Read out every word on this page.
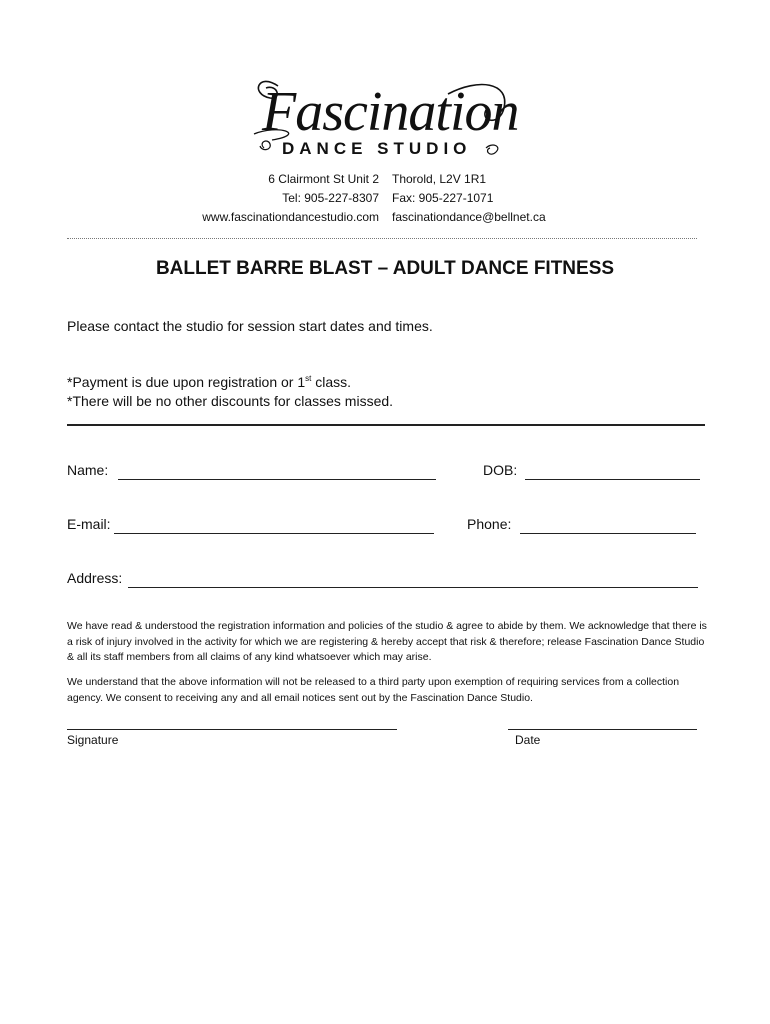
Fascination
DANCE STUDIO
6 Clairmont St Unit 2
Tel: 905-227-8307
www.fascinationdancestudio.com
Thorold, L2V 1R1
Fax: 905-227-1071
fascinationdance@bellnet.ca
BALLET BARRE BLAST – ADULT DANCE FITNESS
Please contact the studio for session start dates and times.
*Payment is due upon registration or 1st class.
*There will be no other discounts for classes missed.
Name:	DOB:
E-mail:	Phone:
Address:
We have read & understood the registration information and policies of the studio & agree to abide by them. We acknowledge that there is a risk of injury involved in the activity for which we are registering & hereby accept that risk & therefore; release Fascination Dance Studio & all its staff members from all claims of any kind whatsoever which may arise.
We understand that the above information will not be released to a third party upon exemption of requiring services from a collection agency. We consent to receiving any and all email notices sent out by the Fascination Dance Studio.
Signature	Date
